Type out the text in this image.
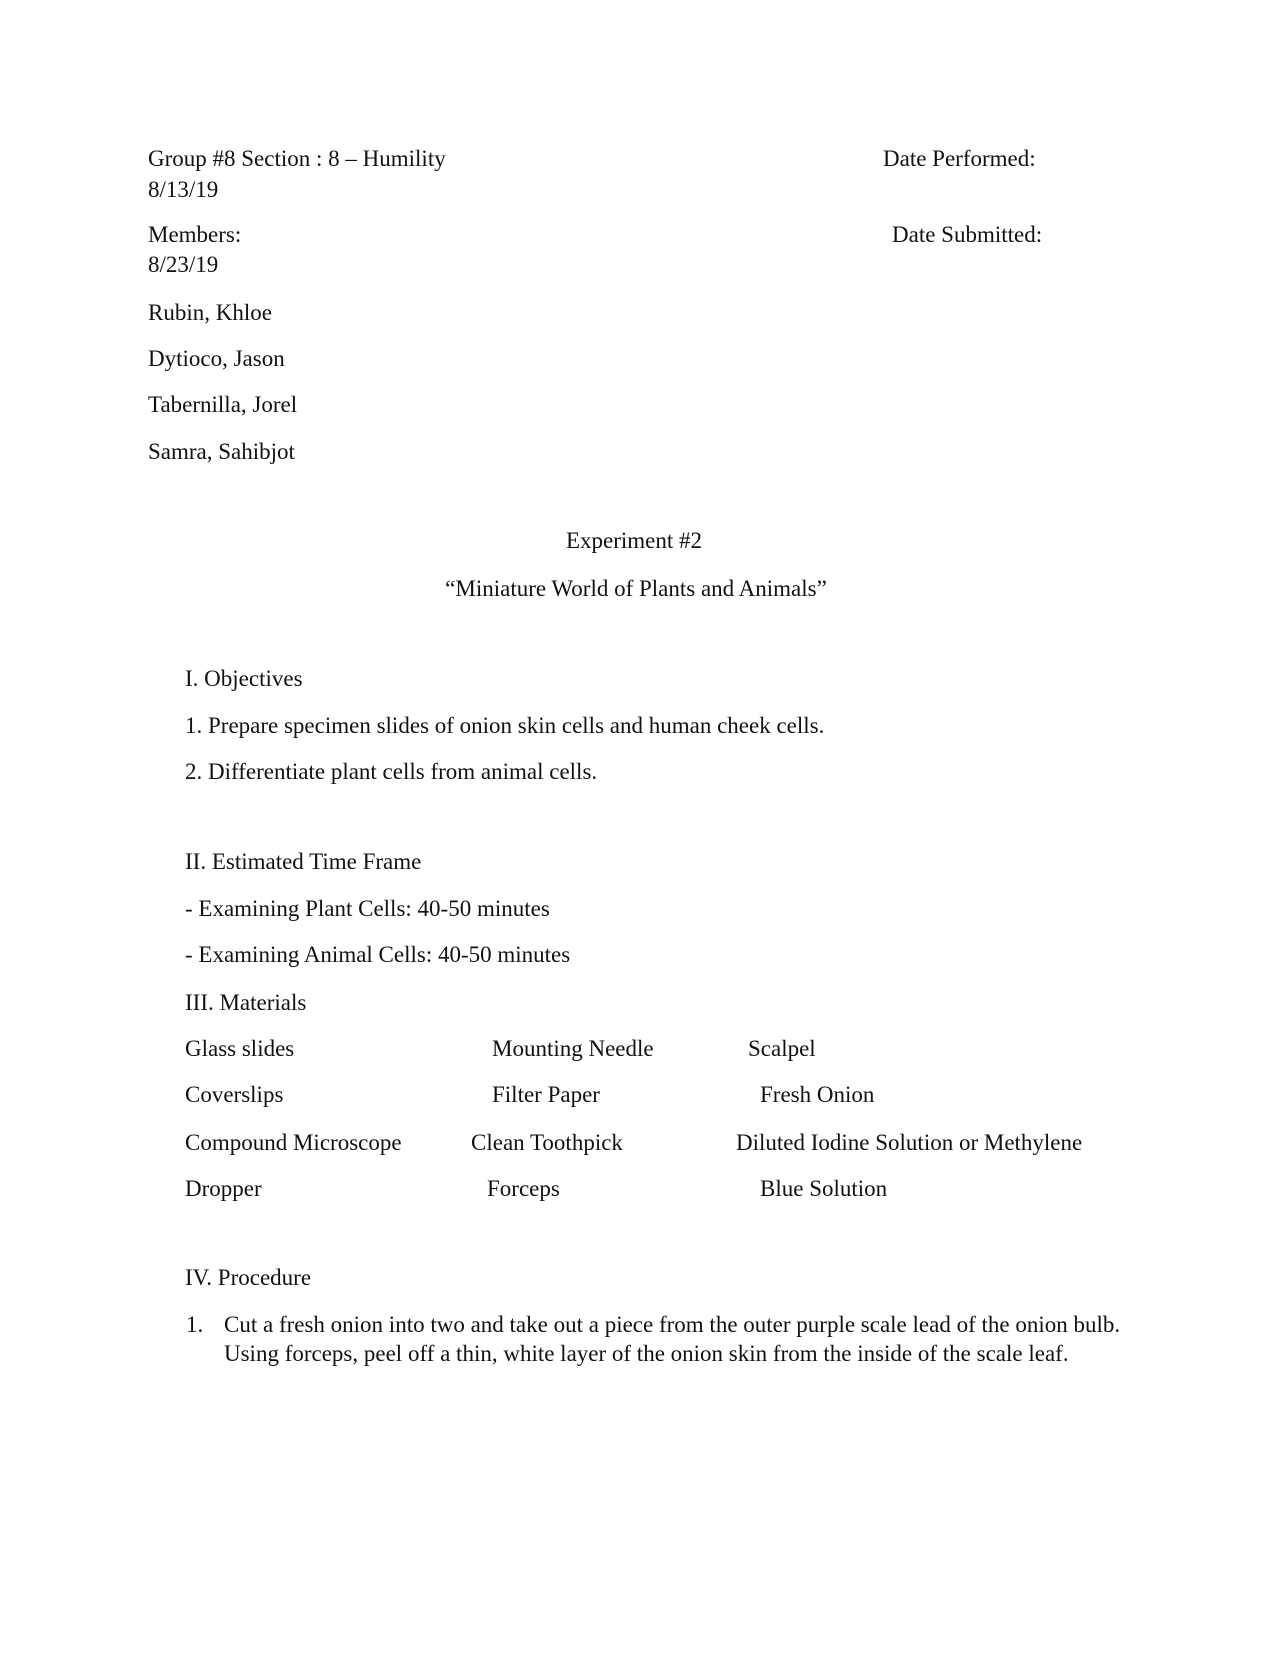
Group #8 Section : 8 – Humility	Date Performed:
8/13/19
Members:	Date Submitted:
8/23/19
Rubin, Khloe
Dytioco, Jason
Tabernilla, Jorel
Samra, Sahibjot
Experiment #2
“Miniature World of Plants and Animals”
I. Objectives
1. Prepare specimen slides of onion skin cells and human cheek cells.
2. Differentiate plant cells from animal cells.
II. Estimated Time Frame
- Examining Plant Cells: 40-50 minutes
- Examining Animal Cells: 40-50 minutes
III. Materials
Glass slides	Mounting Needle	Scalpel
Coverslips	Filter Paper	Fresh Onion
Compound Microscope	Clean Toothpick	Diluted Iodine Solution or Methylene
Dropper	Forceps	Blue Solution
IV. Procedure
1. Cut a fresh onion into two and take out a piece from the outer purple scale lead of the onion bulb. Using forceps, peel off a thin, white layer of the onion skin from the inside of the scale leaf.
